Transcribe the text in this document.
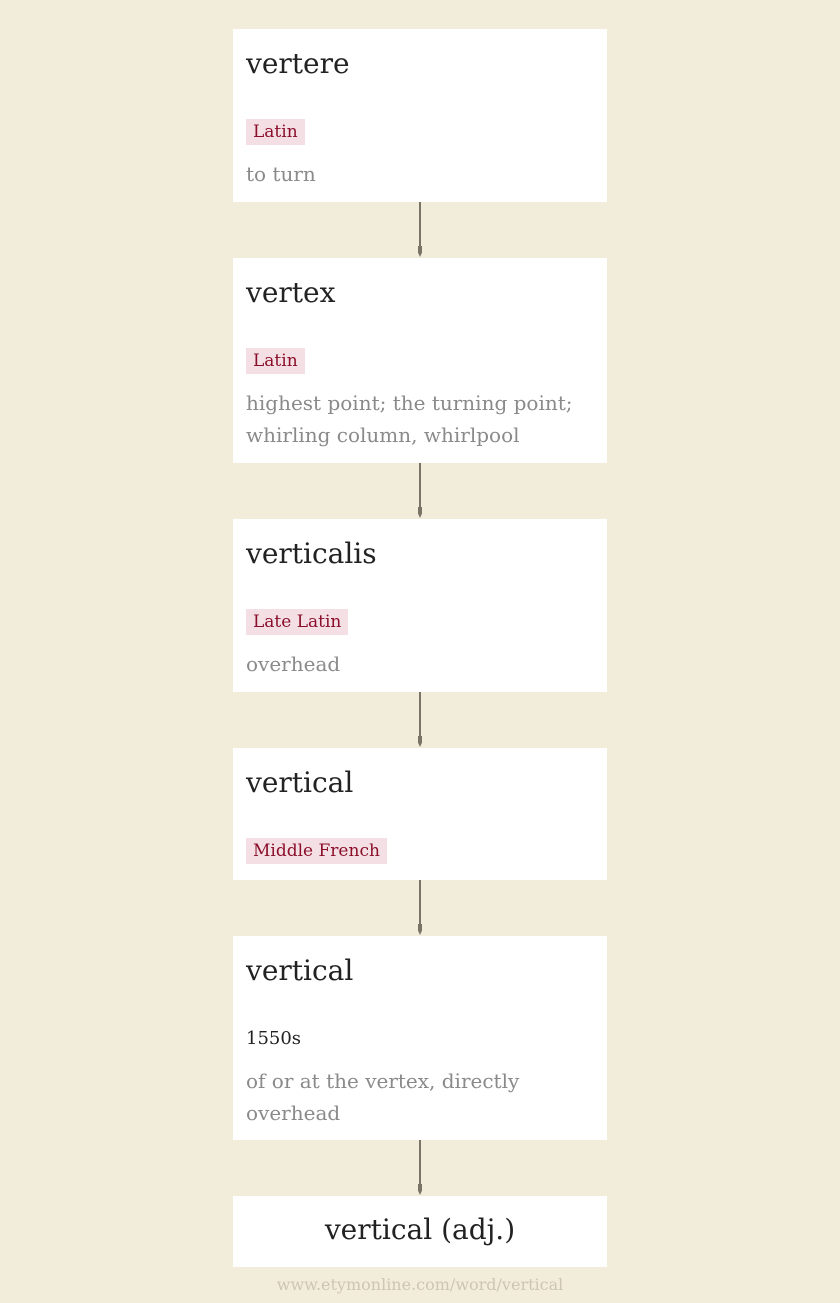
vertere
Latin
to turn
vertex
Latin
highest point; the turning point; whirling column, whirlpool
verticalis
Late Latin
overhead
vertical
Middle French
vertical
1550s
of or at the vertex, directly overhead
vertical (adj.)
www.etymonline.com/word/vertical
